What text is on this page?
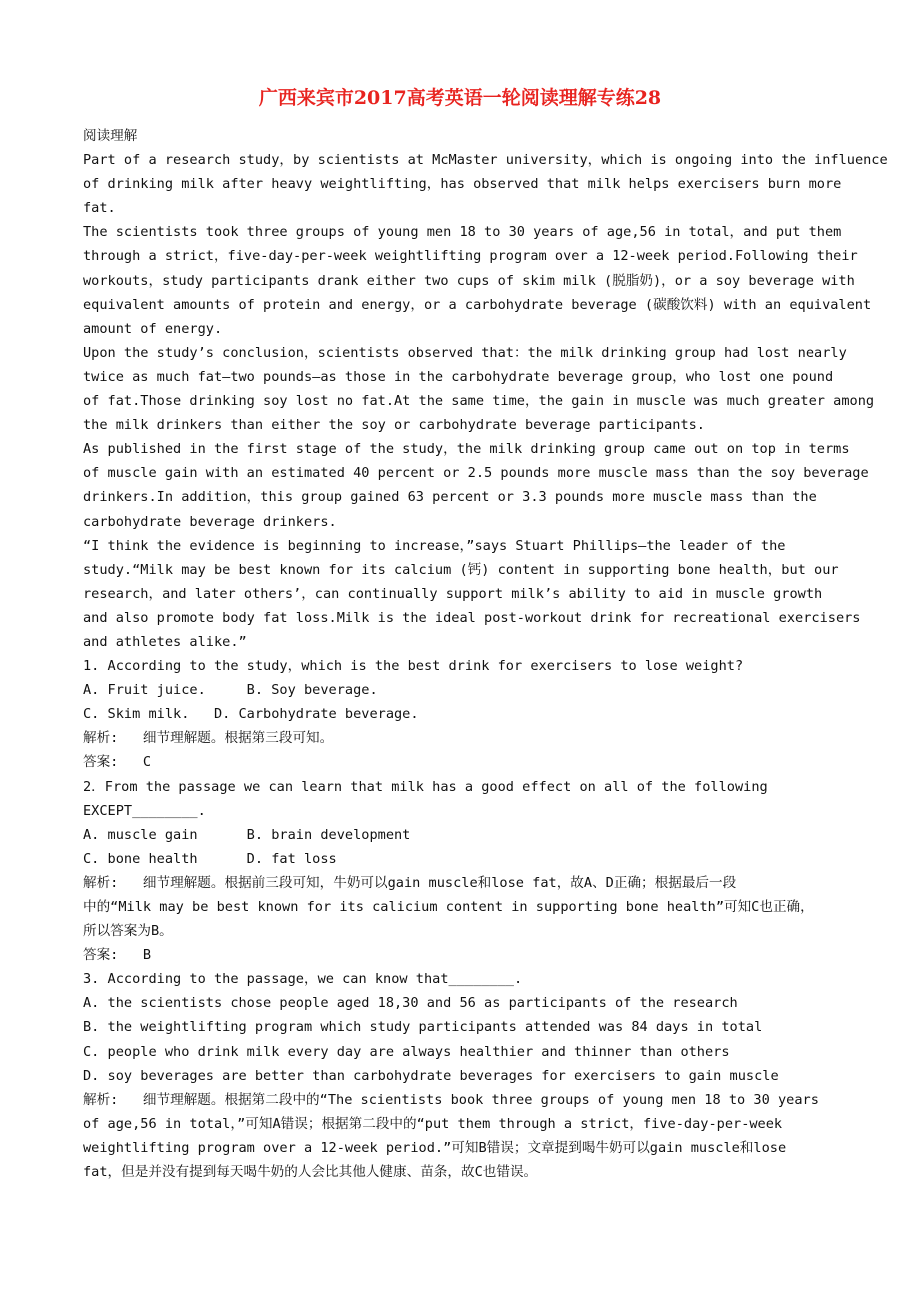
广西来宾市2017高考英语一轮阅读理解专练28
阅读理解
Part of a research study，by scientists at McMaster university，which is ongoing into the influence
of drinking milk after heavy weightlifting，has observed that milk helps exercisers burn more
fat.
The scientists took three groups of young men 18 to 30 years of age,56 in total，and put them
through a strict，five-day-per-week weightlifting program over a 12-week period.Following their
workouts，study participants drank either two cups of skim milk (脱脂奶)，or a soy beverage with
equivalent amounts of protein and energy，or a carbohydrate beverage (碳酸饮料) with an equivalent
amount of energy.
Upon the study’s conclusion，scientists observed that：the milk drinking group had lost nearly
twice as much fat—two pounds—as those in the carbohydrate beverage group，who lost one pound
of fat.Those drinking soy lost no fat.At the same time，the gain in muscle was much greater among
the milk drinkers than either the soy or carbohydrate beverage participants.
As published in the first stage of the study，the milk drinking group came out on top in terms
of muscle gain with an estimated 40 percent or 2.5 pounds more muscle mass than the soy beverage
drinkers.In addition，this group gained 63 percent or 3.3 pounds more muscle mass than the
carbohydrate beverage drinkers.
“I think the evidence is beginning to increase，”says Stuart Phillips—the leader of the
study.“Milk may be best known for its calcium (钙) content in supporting bone health，but our
research，and later others’，can continually support milk’s ability to aid in muscle growth
and also promote body fat loss.Milk is the ideal post-workout drink for recreational exercisers
and athletes alike.”
1. According to the study，which is the best drink for exercisers to lose weight?
A. Fruit juice.     B. Soy beverage.
C. Skim milk.   D. Carbohydrate beverage.
解析:   细节理解题。根据第三段可知。
答案:   C
2．From the passage we can learn that milk has a good effect on all of the following
EXCEPT________.
A. muscle gain      B. brain development
C. bone health      D. fat loss
解析:   细节理解题。根据前三段可知，牛奶可以gain muscle和lose fat，故A、D正确；根据最后一段
中的“Milk may be best known for its calicium content in supporting bone health”可知C也正确，
所以答案为B。
答案:   B
3. According to the passage，we can know that________.
A. the scientists chose people aged 18,30 and 56 as participants of the research
B. the weightlifting program which study participants attended was 84 days in total
C. people who drink milk every day are always healthier and thinner than others
D. soy beverages are better than carbohydrate beverages for exercisers to gain muscle
解析:   细节理解题。根据第二段中的“The scientists book three groups of young men 18 to 30 years
of age,56 in total，”可知A错误；根据第二段中的“put them through a strict，five-day-per-week
weightlifting program over a 12-week period.”可知B错误；文章提到喝牛奶可以gain muscle和lose
fat，但是并没有提到每天喝牛奶的人会比其他人健康、苗条，故C也错误。
